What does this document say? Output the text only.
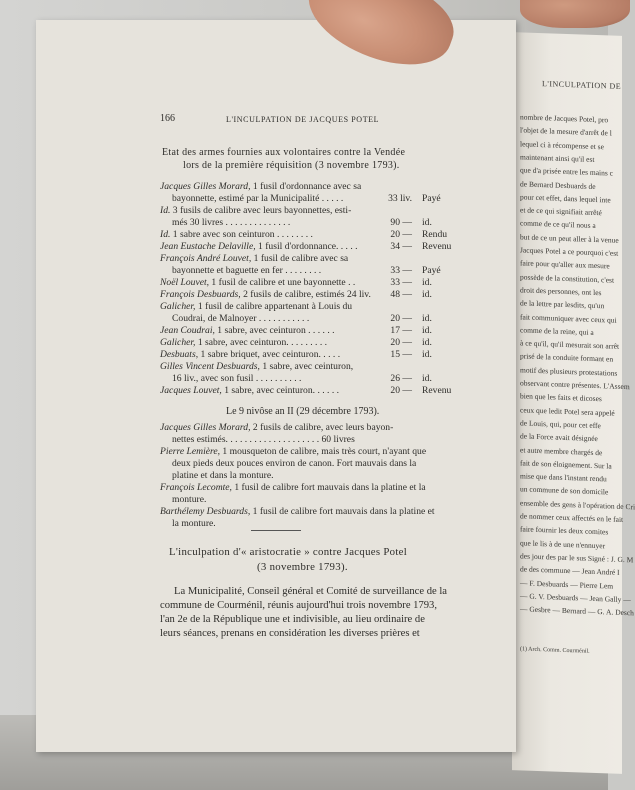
L'INCULPATION DE
nombre de Jacques Potel, pro
l'objet de la mesure d'arrêt de l
lequel ci à récompense et se
maintenant ainsi qu'il est
que d'a prisée entre les mains c
de Bernard Desbuards de
pour cet effet, dans lequel inte
et de ce qui signifiait arrêté
comme de ce qu'il nous a
but de ce un peut aller à la venue
Jacques Potel a ce pourquoi c'est
faire pour qu'aller aux mesure
possède de la constitution, c'est
droit des personnes, ont les
de la lettre par lesdits, qu'un
fait communiquer avec ceux qui
comme de la reine, qui a
à ce qu'il, qu'il mesurait son arrêt
prisé de la conduite formant en
motif des plusieurs protestations
observant contre présentes. L'Assem
bien que les faits et dicoses
ceux que ledit Potel sera appelé
de Louis, qui, pour cet effe
de la Force avait désignée
et autre membre chargés de
fait de son éloignement. Sur la
mise que dans l'instant rendu
un commune de son domicile
ensemble des gens à l'opération de Cri
de nommer ceux affectés en le fait
faire fournir les deux comites
que le lis à de une n'ennuyer
des jour des par le sus Signé : J. G. M
de des commune — Jean André I
— F. Desbuards — Pierre Lem
— G. V. Desbuards — Jean Gally —
— Gesbre — Bernard — G. A. Desch
(1) Arch. Comm. Courménil.
166	L'INCULPATION DE JACQUES POTEL
Etat des armes fournies aux volontaires contre la Vendée
lors de la première réquisition (3 novembre 1793).
Jacques Gilles Morard, 1 fusil d'ordonnance avec sa
bayonnette, estimé par la Municipalité . . . . .	33 liv. Payé
Id. 3 fusils de calibre avec leurs bayonnettes, esti-
més 30 livres . . . . . . . . . . . . . .	90 — id.
Id. 1 sabre avec son ceinturon . . . . . . . .	20 — Rendu
Jean Eustache Delaville, 1 fusil d'ordonnance. . . . .	34 — Revenu
François André Louvet, 1 fusil de calibre avec sa
bayonnette et baguette en fer . . . . . . . .	33 — Payé
Noël Louvet, 1 fusil de calibre et une bayonnette . .	33 — id.
François Desbuards, 2 fusils de calibre, estimés 24 liv.	48 — id.
Galicher, 1 fusil de calibre appartenant à Louis du
Coudrai, de Malnoyer . . . . . . . . . . .	20 — id.
Jean Coudrai, 1 sabre, avec ceinturon . . . . . .	17 — id.
Galicher, 1 sabre, avec ceinturon. . . . . . . . .	20 — id.
Desbuats, 1 sabre briquet, avec ceinturon. . . . .	15 — id.
Gilles Vincent Desbuards, 1 sabre, avec ceinturon,
16 liv., avec son fusil . . . . . . . . . .	26 — id.
Jacques Louvet, 1 sabre, avec ceinturon. . . . . .	20 — Revenu
Le 9 nivôse an II (29 décembre 1793).
Jacques Gilles Morard, 2 fusils de calibre, avec leurs bayon-
nettes estimés. . . . . . . . . . . . . . . . . . . . 60 livres
Pierre Lemière, 1 mousqueton de calibre, mais très court, n'ayant que
deux pieds deux pouces environ de canon. Fort mauvais dans la
platine et dans la monture.
François Lecomte, 1 fusil de calibre fort mauvais dans la platine et la
monture.
Barthélemy Desbuards, 1 fusil de calibre fort mauvais dans la platine et
la monture.
L'inculpation d'« aristocratie » contre Jacques Potel
(3 novembre 1793).
La Municipalité, Conseil général et Comité de surveillance de la
commune de Courménil, réunis aujourd'hui trois novembre 1793,
l'an 2e de la République une et indivisible, au lieu ordinaire de
leurs séances, prenans en considération les diverses prières et
